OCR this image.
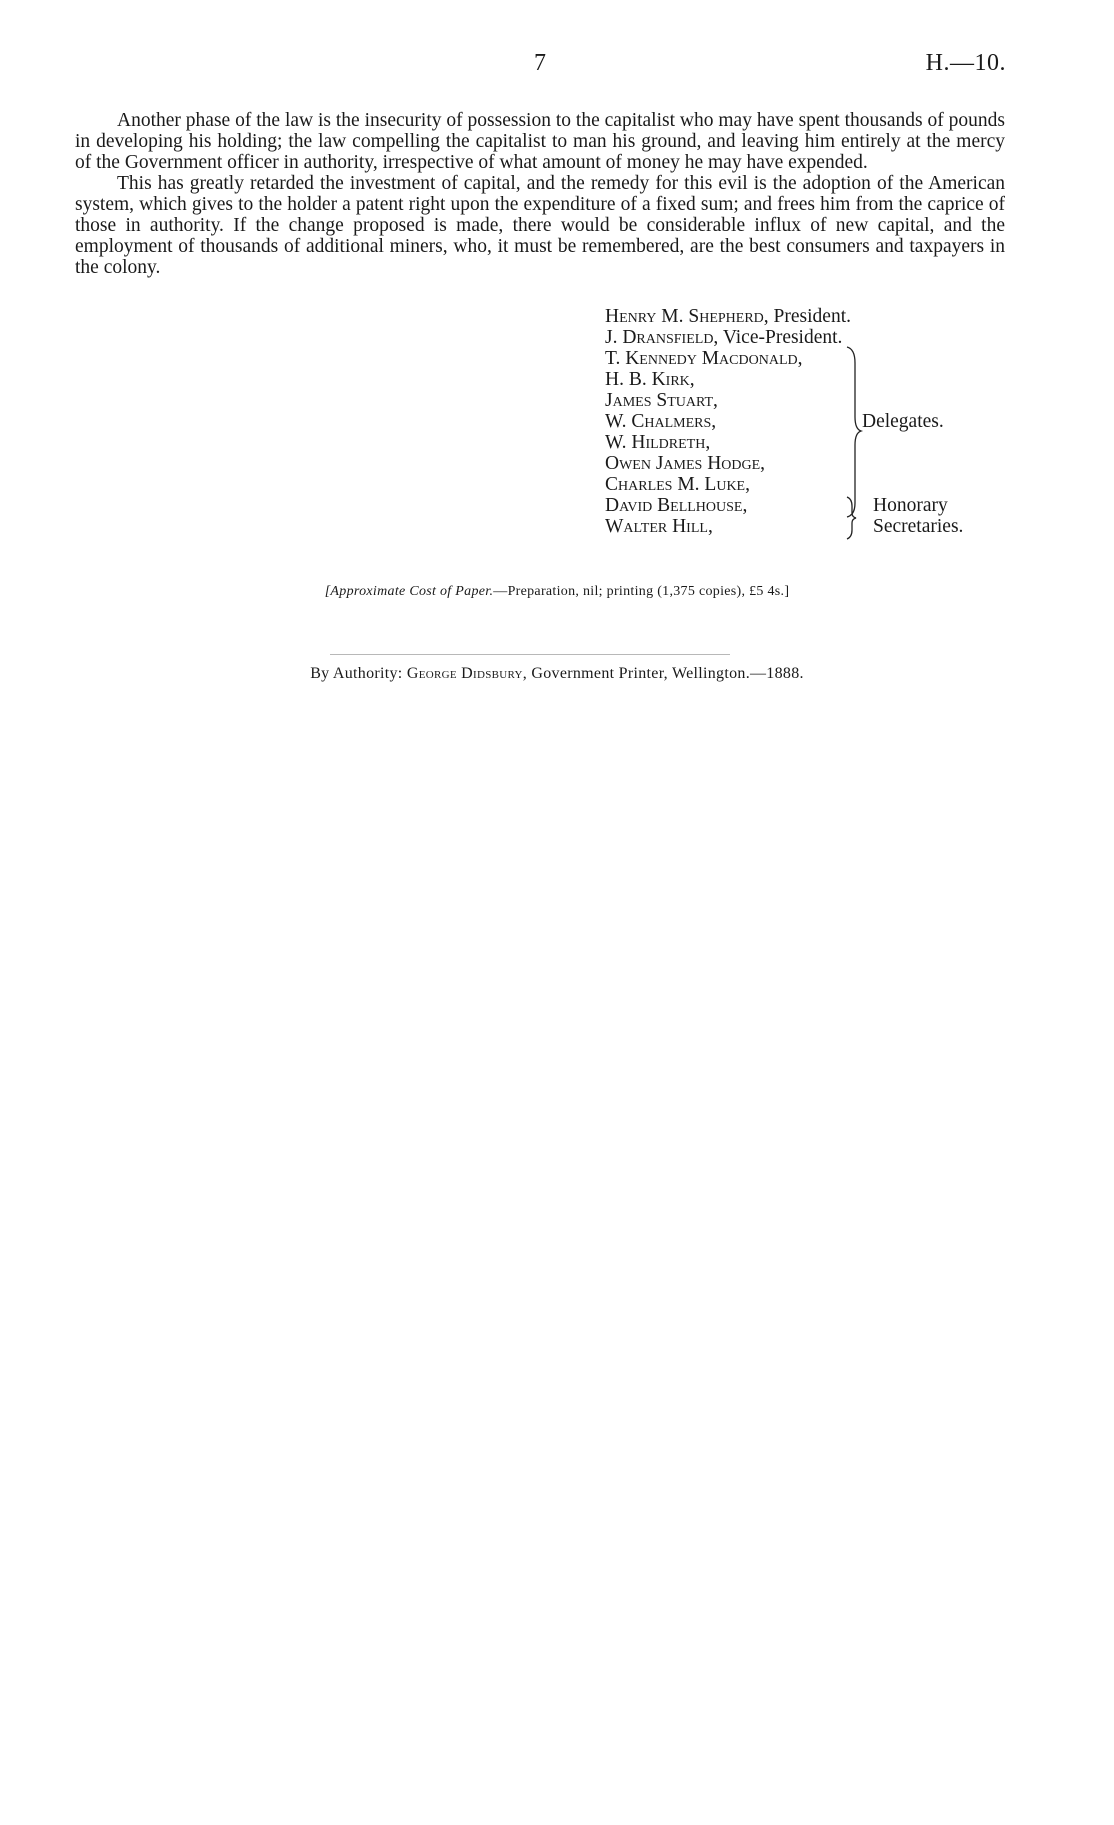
7	H.—10.

Another phase of the law is the insecurity of possession to the capitalist who may have spent thousands of pounds in developing his holding; the law compelling the capitalist to man his ground, and leaving him entirely at the mercy of the Government officer in authority, irrespective of what amount of money he may have expended.

This has greatly retarded the investment of capital, and the remedy for this evil is the adoption of the American system, which gives to the holder a patent right upon the expenditure of a fixed sum; and frees him from the caprice of those in authority. If the change proposed is made, there would be considerable influx of new capital, and the employment of thousands of additional miners, who, it must be remembered, are the best consumers and taxpayers in the colony.

Henry M. Shepherd, President.
J. Dransfield, Vice-President.
T. Kennedy Macdonald,
H. B. Kirk,
James Stuart,
W. Chalmers,
W. Hildreth,
Owen James Hodge,
Charles M. Luke,
David Bellhouse,
Walter Hill,
Delegates.
Honorary
Secretaries.
[Approximate Cost of Paper.—Preparation, nil; printing (1,375 copies), £5 4s.]
By Authority: George Didsbury, Government Printer, Wellington.—1888.
